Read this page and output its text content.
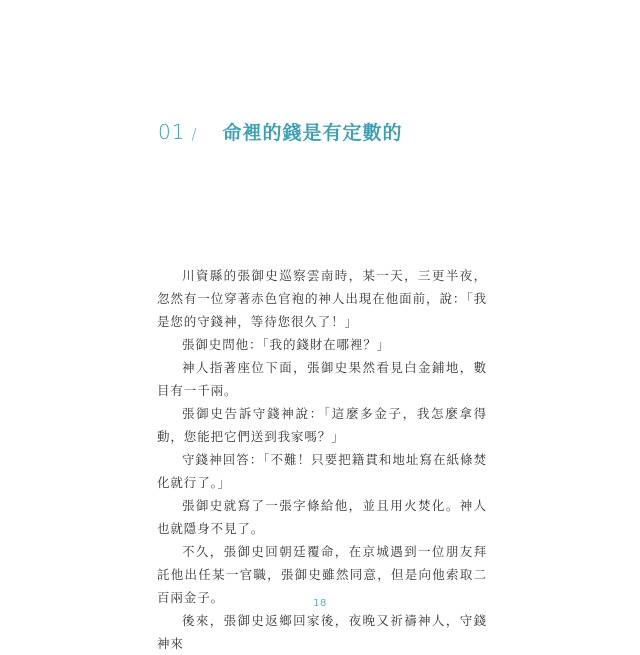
01 / 命裡的錢是有定數的

川資縣的張御史巡察雲南時，某一天，三更半夜，忽然有一位穿著赤色官袍的神人出現在他面前，說：「我是您的守錢神，等待您很久了！」

張御史問他：「我的錢財在哪裡？」

神人指著座位下面，張御史果然看見白金鋪地，數目有一千兩。

張御史告訴守錢神說：「這麼多金子，我怎麼拿得動，您能把它們送到我家嗎？」

守錢神回答：「不難！只要把籍貫和地址寫在紙條焚化就行了。」

張御史就寫了一張字條給他，並且用火焚化。神人也就隱身不見了。

不久，張御史回朝廷覆命，在京城遇到一位朋友拜託他出任某一官職，張御史雖然同意，但是向他索取二百兩金子。

後來，張御史返鄉回家後，夜晚又祈禱神人，守錢神來

18
